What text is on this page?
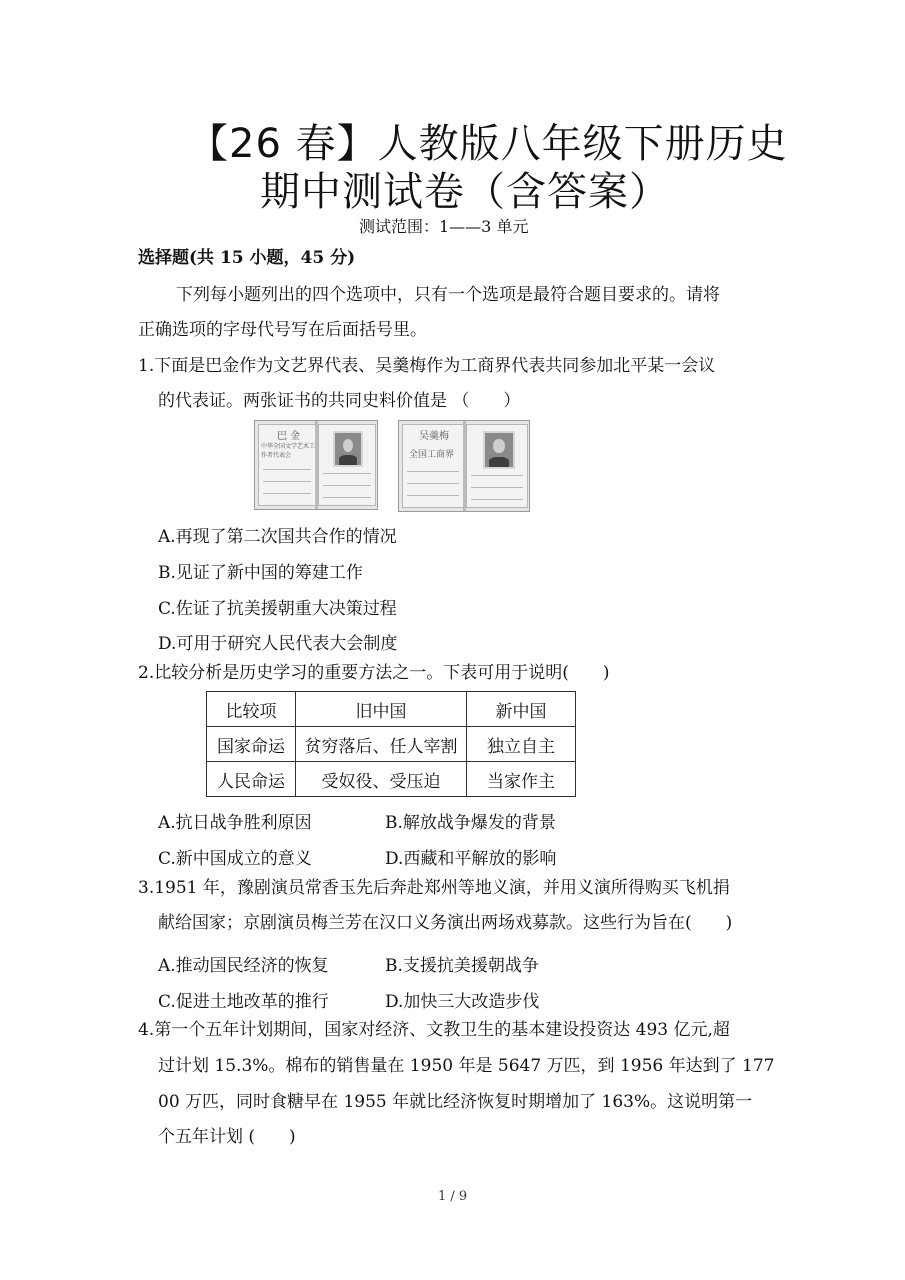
【26 春】人教版八年级下册历史
期中测试卷（含答案）
测试范围：1——3 单元
选择题(共 15 小题，45 分)
下列每小题列出的四个选项中，只有一个选项是最符合题目要求的。请将
正确选项的字母代号写在后面括号里。
1.下面是巴金作为文艺界代表、吴羹梅作为工商界代表共同参加北平某一会议
的代表证。两张证书的共同史料价值是 （　　）
巴 金
中华全国文学艺术工作者代表会
吴羹梅
全国工商界
A.再现了第二次国共合作的情况
B.见证了新中国的筹建工作
C.佐证了抗美援朝重大决策过程
D.可用于研究人民代表大会制度
2.比较分析是历史学习的重要方法之一。下表可用于说明(　　)
比较项	旧中国	新中国
国家命运	贫穷落后、任人宰割	独立自主
人民命运	受奴役、受压迫	当家作主
A.抗日战争胜利原因	B.解放战争爆发的背景
C.新中国成立的意义	D.西藏和平解放的影响
3.1951 年，豫剧演员常香玉先后奔赴郑州等地义演，并用义演所得购买飞机捐
献给国家；京剧演员梅兰芳在汉口义务演出两场戏募款。这些行为旨在(　　)
A.推动国民经济的恢复	B.支援抗美援朝战争
C.促进土地改革的推行	D.加快三大改造步伐
4.第一个五年计划期间，国家对经济、文教卫生的基本建设投资达 493 亿元,超
过计划 15.3%。棉布的销售量在 1950 年是 5647 万匹，到 1956 年达到了 177
00 万匹，同时食糖早在 1955 年就比经济恢复时期增加了 163%。这说明第一
个五年计划 (　　)
1 / 9
